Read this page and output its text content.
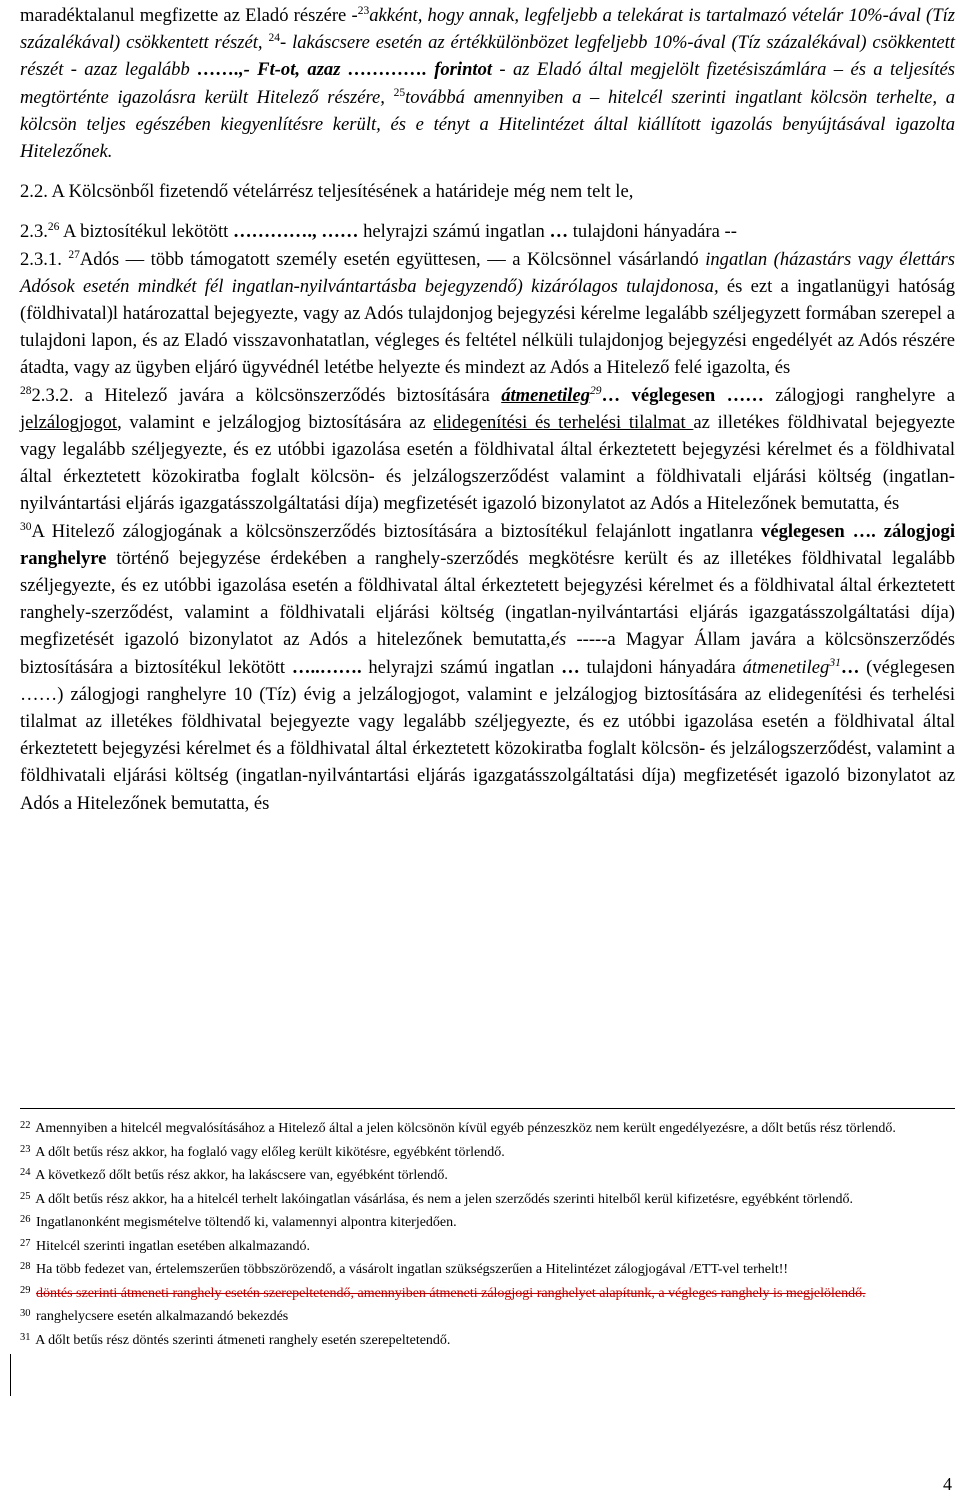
maradéktalanul megfizette az Eladó részére -$^{23}$akként, hogy annak, legfeljebb a telekárat is tartalmazó vételár 10%-ával (Tíz százalékával) csökkentett részét, $^{24}$- lakáscsere esetén az értékkülönbözet legfeljebb 10%-ával (Tíz százalékával) csökkentett részét - azaz legalább …….,- Ft-ot, azaz …………. forintot - az Eladó által megjelölt fizetésiszámlára – és a teljesítés megtörténte igazolásra került Hitelező részére, $^{25}$továbbá amennyiben a – hitelcél szerinti ingatlant kölcsön terhelte, a kölcsön teljes egészében kiegyenlítésre került, és e tényt a Hitelintézet által kiállított igazolás benyújtásával igazolta Hitelezőnek.

2.2. A Kölcsönből fizetendő vételárrész teljesítésének a határideje még nem telt le,

2.3.26 A biztosítékul lekötött …………., …… helyrajzi számú ingatlan … tulajdoni hányadára --

2.3.1. $^{27}$Adós –– több támogatott személy esetén együttesen, –– a Kölcsönnel vásárlandó ingatlan (házastárs vagy élettárs Adósok esetén mindkét fél ingatlan-nyilvántartásba bejegyzendő) kizárólagos tulajdonosa, és ezt a ingatlanügyi hatóság (földhivatal)l határozattal bejegyezte, vagy az Adós tulajdonjog bejegyzési kérelme legalább széljegyzett formában szerepel a tulajdoni lapon, és az Eladó visszavonhatatlan, végleges és feltétel nélküli tulajdonjog bejegyzési engedélyét az Adós részére átadta, vagy az ügyben eljáró ügyvédnél letétbe helyezte és mindezt az Adós a Hitelező felé igazolta, és

$^{28}$2.3.2. a Hitelező javára a kölcsönszerződés biztosítására átmenetileg$^{29}$… véglegesen …… zálogjogi ranghelyre a jelzálogjogot, valamint e jelzálogjog biztosítására az elidegenítési és terhelési tilalmat az illetékes földhivatal bejegyezte vagy legalább széljegyezte, és ez utóbbi igazolása esetén a földhivatal által érkeztetett bejegyzési kérelmet és a földhivatal által érkeztetett közokiratba foglalt kölcsön- és jelzálogszerződést valamint a földhivatali eljárási költség (ingatlan-nyilvántartási eljárás igazgatásszolgáltatási díja) megfizetését igazoló bizonylatot az Adós a Hitelezőnek bemutatta, és

$^{30}$A Hitelező zálogjogának a kölcsönszerződés biztosítására a biztosítékul felajánlott ingatlanra véglegesen …. zálogjogi ranghelyre történő bejegyzése érdekében a ranghely-szerződés megkötésre került és az illetékes földhivatal legalább széljegyezte, és ez utóbbi igazolása esetén a földhivatal által érkeztetett bejegyzési kérelmet és a földhivatal által érkeztetett ranghely-szerződést, valamint a földhivatali eljárási költség (ingatlan-nyilvántartási eljárás igazgatásszolgáltatási díja) megfizetését igazoló bizonylatot az Adós a hitelezőnek bemutatta,és -----a Magyar Állam javára a kölcsönszerződés biztosítására a biztosítékul lekötött …..……. helyrajzi számú ingatlan … tulajdoni hányadára átmenetileg$^{31}$… (véglegesen ……) zálogjogi ranghelyre 10 (Tíz) évig a jelzálogjogot, valamint e jelzálogjog biztosítására az elidegenítési és terhelési tilalmat az illetékes földhivatal bejegyezte vagy legalább széljegyezte, és ez utóbbi igazolása esetén a földhivatal által érkeztetett bejegyzési kérelmet és a földhivatal által érkeztetett közokiratba foglalt kölcsön- és jelzálogszerződést, valamint a földhivatali eljárási költség (ingatlan-nyilvántartási eljárás igazgatásszolgáltatási díja) megfizetését igazoló bizonylatot az Adós a Hitelezőnek bemutatta, és

$^{22}$ Amennyiben a hitelcél megvalósításához a Hitelező által a jelen kölcsönön kívül egyéb pénzeszköz nem került engedélyezésre, a dőlt betűs rész törlendő.

$^{23}$ A dőlt betűs rész akkor, ha foglaló vagy előleg került kikötésre, egyébként törlendő.

$^{24}$ A következő dőlt betűs rész akkor, ha lakáscsere van, egyébként törlendő.

$^{25}$ A dőlt betűs rész akkor, ha a hitelcél terhelt lakóingatlan vásárlása, és nem a jelen szerződés szerinti hitelből kerül kifizetésre, egyébként törlendő.

$^{26}$ Ingatlanonként megismételve töltendő ki, valamennyi alpontra kiterjedően.

$^{27}$ Hitelcél szerinti ingatlan esetében alkalmazandó.

$^{28}$ Ha több fedezet van, értelemszerűen többszörözendő, a vásárolt ingatlan szükségszerűen a Hitelintézet zálogjogával /ETT-vel terhelt!!

$^{29}$ döntés szerinti átmeneti ranghely esetén szerepeltetendő, amennyiben átmeneti zálogjogi ranghelyet alapítunk, a végleges ranghely is megjelölendő.

$^{30}$ ranghelycsere esetén alkalmazandó bekezdés

$^{31}$ A dőlt betűs rész döntés szerinti átmeneti ranghely esetén szerepeltetendő.

4
